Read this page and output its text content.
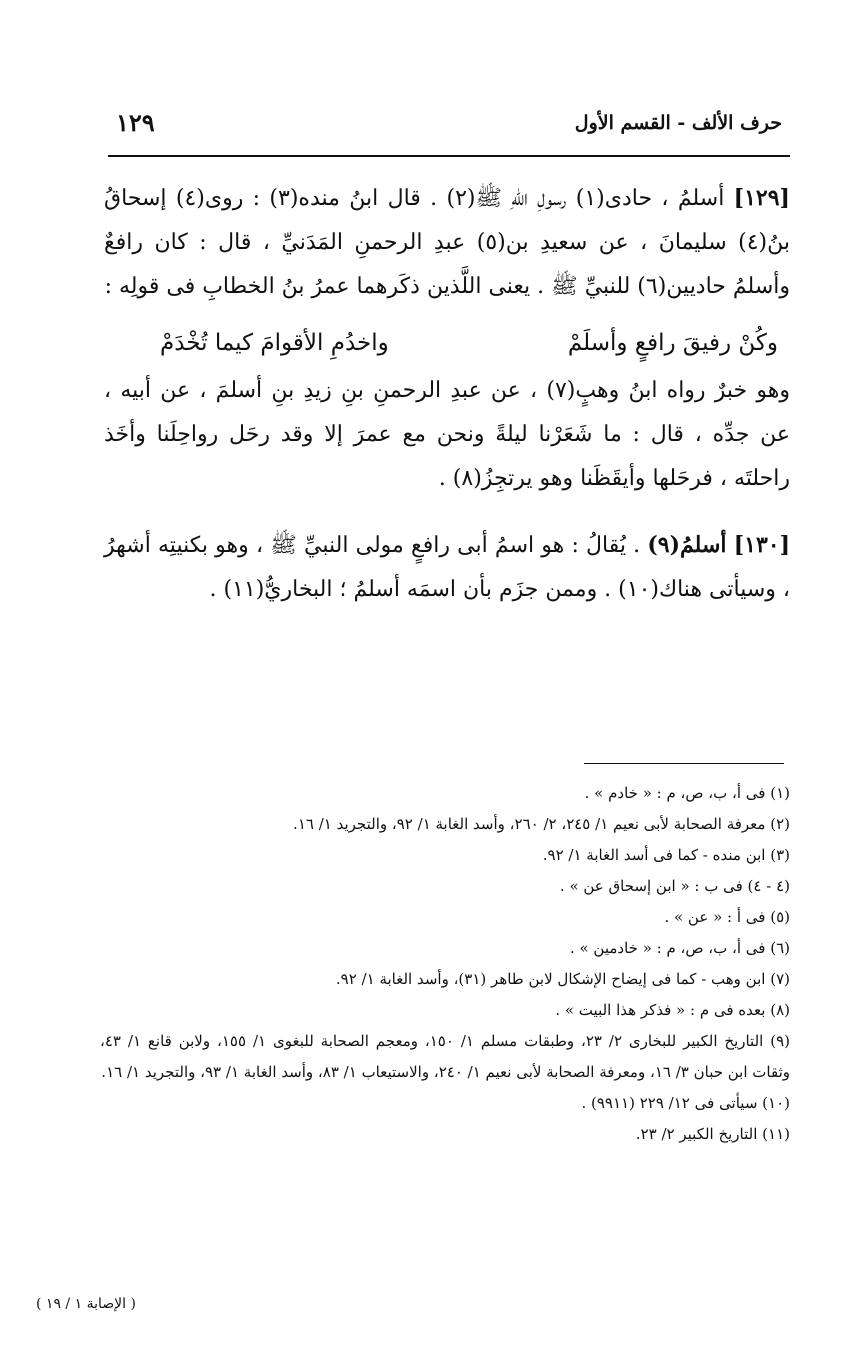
١٢٩	حرف الألف - القسم الأول

[١٢٩] أسلمُ ، حادى(١) رسولِ اللّهِ ﷺ(٢) . قال ابنُ منده(٣) : روى(٤) إسحاقُ بنُ(٤) سليمانَ ، عن سعيدِ بن(٥) عبدِ الرحمنِ المَدَنيِّ ، قال : كان رافعٌ وأسلمُ حاديين(٦) للنبيِّ ﷺ . يعنى اللَّذين ذكَرهما عمرُ بنُ الخطابِ فى قولِه :

وكُنْ رفيقَ رافعٍ وأسلَمْ
واخدُمِ الأقوامَ كيما تُخْدَمْ

وهو خبرٌ رواه ابنُ وهبٍ(٧) ، عن عبدِ الرحمنِ بنِ زيدِ بنِ أسلمَ ، عن أبيه ، عن جدِّه ، قال : ما شَعَرْنا ليلةً ونحن مع عمرَ إلا وقد رحَل رواحِلَنا وأخَذ راحلتَه ، فرحَلها وأيقَظَنا وهو يرتجِزُ(٨) .

[١٣٠] أسلمُ(٩) . يُقالُ : هو اسمُ أبى رافعٍ مولى النبيِّ ﷺ ، وهو بكنيتِه أشهرُ ، وسيأتى هناك(١٠) . وممن جزَم بأن اسمَه أسلمُ ؛ البخاريُّ(١١) .

(١) فى أ، ب، ص، م : « خادم » .

(٢) معرفة الصحابة لأبى نعيم ١/ ٢٤٥، ٢/ ٢٦٠، وأسد الغابة ١/ ٩٢، والتجريد ١/ ١٦.

(٣) ابن منده - كما فى أسد الغابة ١/ ٩٢.

(٤ - ٤) فى ب : « ابن إسحاق عن » .

(٥) فى أ : « عن » .

(٦) فى أ، ب، ص، م : « خادمين » .

(٧) ابن وهب - كما فى إيضاح الإشكال لابن طاهر (٣١)، وأسد الغابة ١/ ٩٢.

(٨) بعده فى م : « فذكر هذا البيت » .

(٩) التاريخ الكبير للبخارى ٢/ ٢٣، وطبقات مسلم ١/ ١٥٠، ومعجم الصحابة للبغوى ١/ ١٥٥، ولابن قانع ١/ ٤٣، وثقات ابن حبان ٣/ ١٦، ومعرفة الصحابة لأبى نعيم ١/ ٢٤٠، والاستيعاب ١/ ٨٣، وأسد الغابة ١/ ٩٣، والتجريد ١/ ١٦.

(١٠) سيأتى فى ١٢/ ٢٢٩ (٩٩١١) .

(١١) التاريخ الكبير ٢/ ٢٣.

( الإصابة ١ / ١٩ )
